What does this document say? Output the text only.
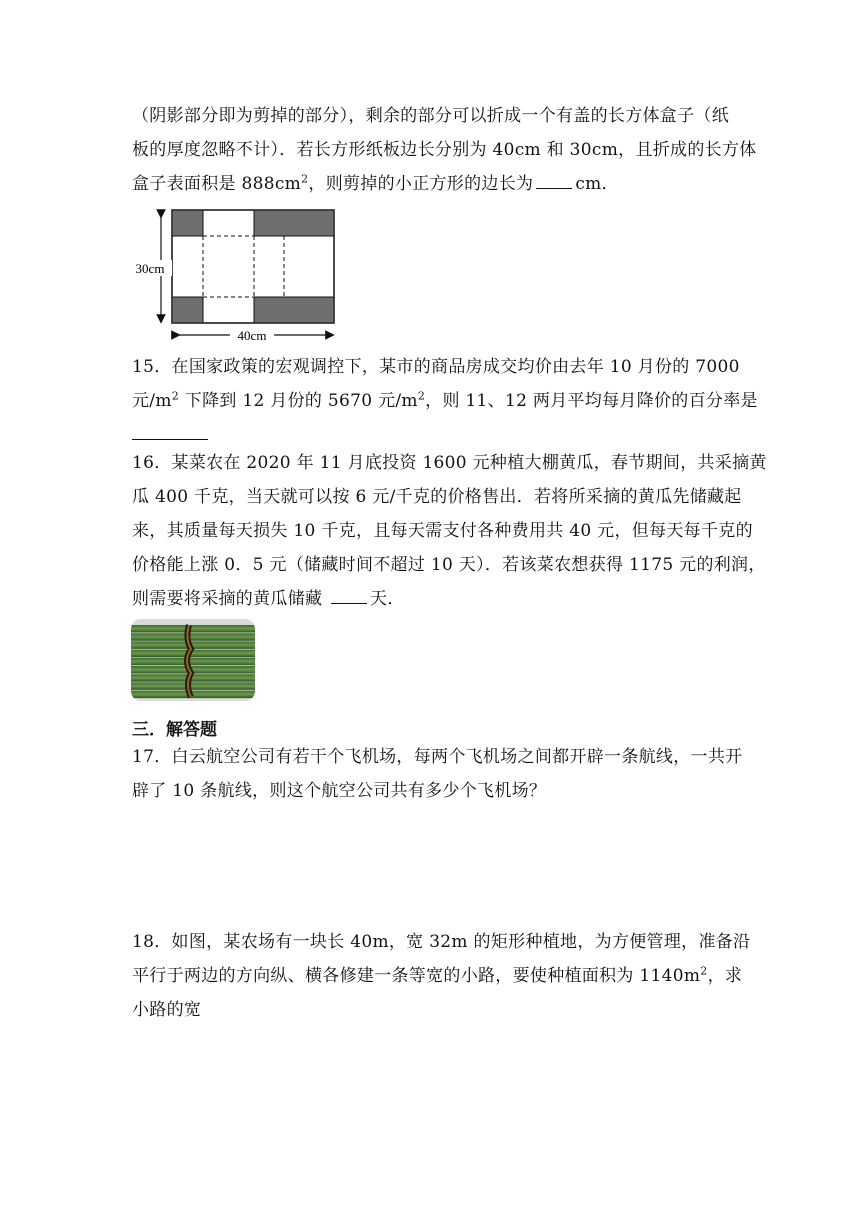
（阴影部分即为剪掉的部分），剩余的部分可以折成一个有盖的长方体盒子（纸
板的厚度忽略不计）．若长方形纸板边长分别为 40cm 和 30cm，且折成的长方体
盒子表面积是 $888cm^2$，则剪掉的小正方形的边长为 cm．
30cm
40cm
15．在国家政策的宏观调控下，某市的商品房成交均价由去年 10 月份的 7000
元$/m^2$ 下降到 12 月份的 5670 元$/m^2$，则 11、12 两月平均每月降价的百分率是
16．某菜农在 2020 年 11 月底投资 1600 元种植大棚黄瓜，春节期间，共采摘黄
瓜 400 千克，当天就可以按 6 元/千克的价格售出．若将所采摘的黄瓜先储藏起
来，其质量每天损失 10 千克，且每天需支付各种费用共 40 元，但每天每千克的
价格能上涨 0．5 元（储藏时间不超过 10 天）．若该菜农想获得 1175 元的利润，
则需要将采摘的黄瓜储藏	天．
三．解答题
17．白云航空公司有若干个飞机场，每两个飞机场之间都开辟一条航线，一共开
辟了 10 条航线，则这个航空公司共有多少个飞机场？
18．如图，某农场有一块长 40m，宽 32m 的矩形种植地，为方便管理，准备沿
平行于两边的方向纵、横各修建一条等宽的小路，要使种植面积为 $1140m^2$，求
小路的宽
